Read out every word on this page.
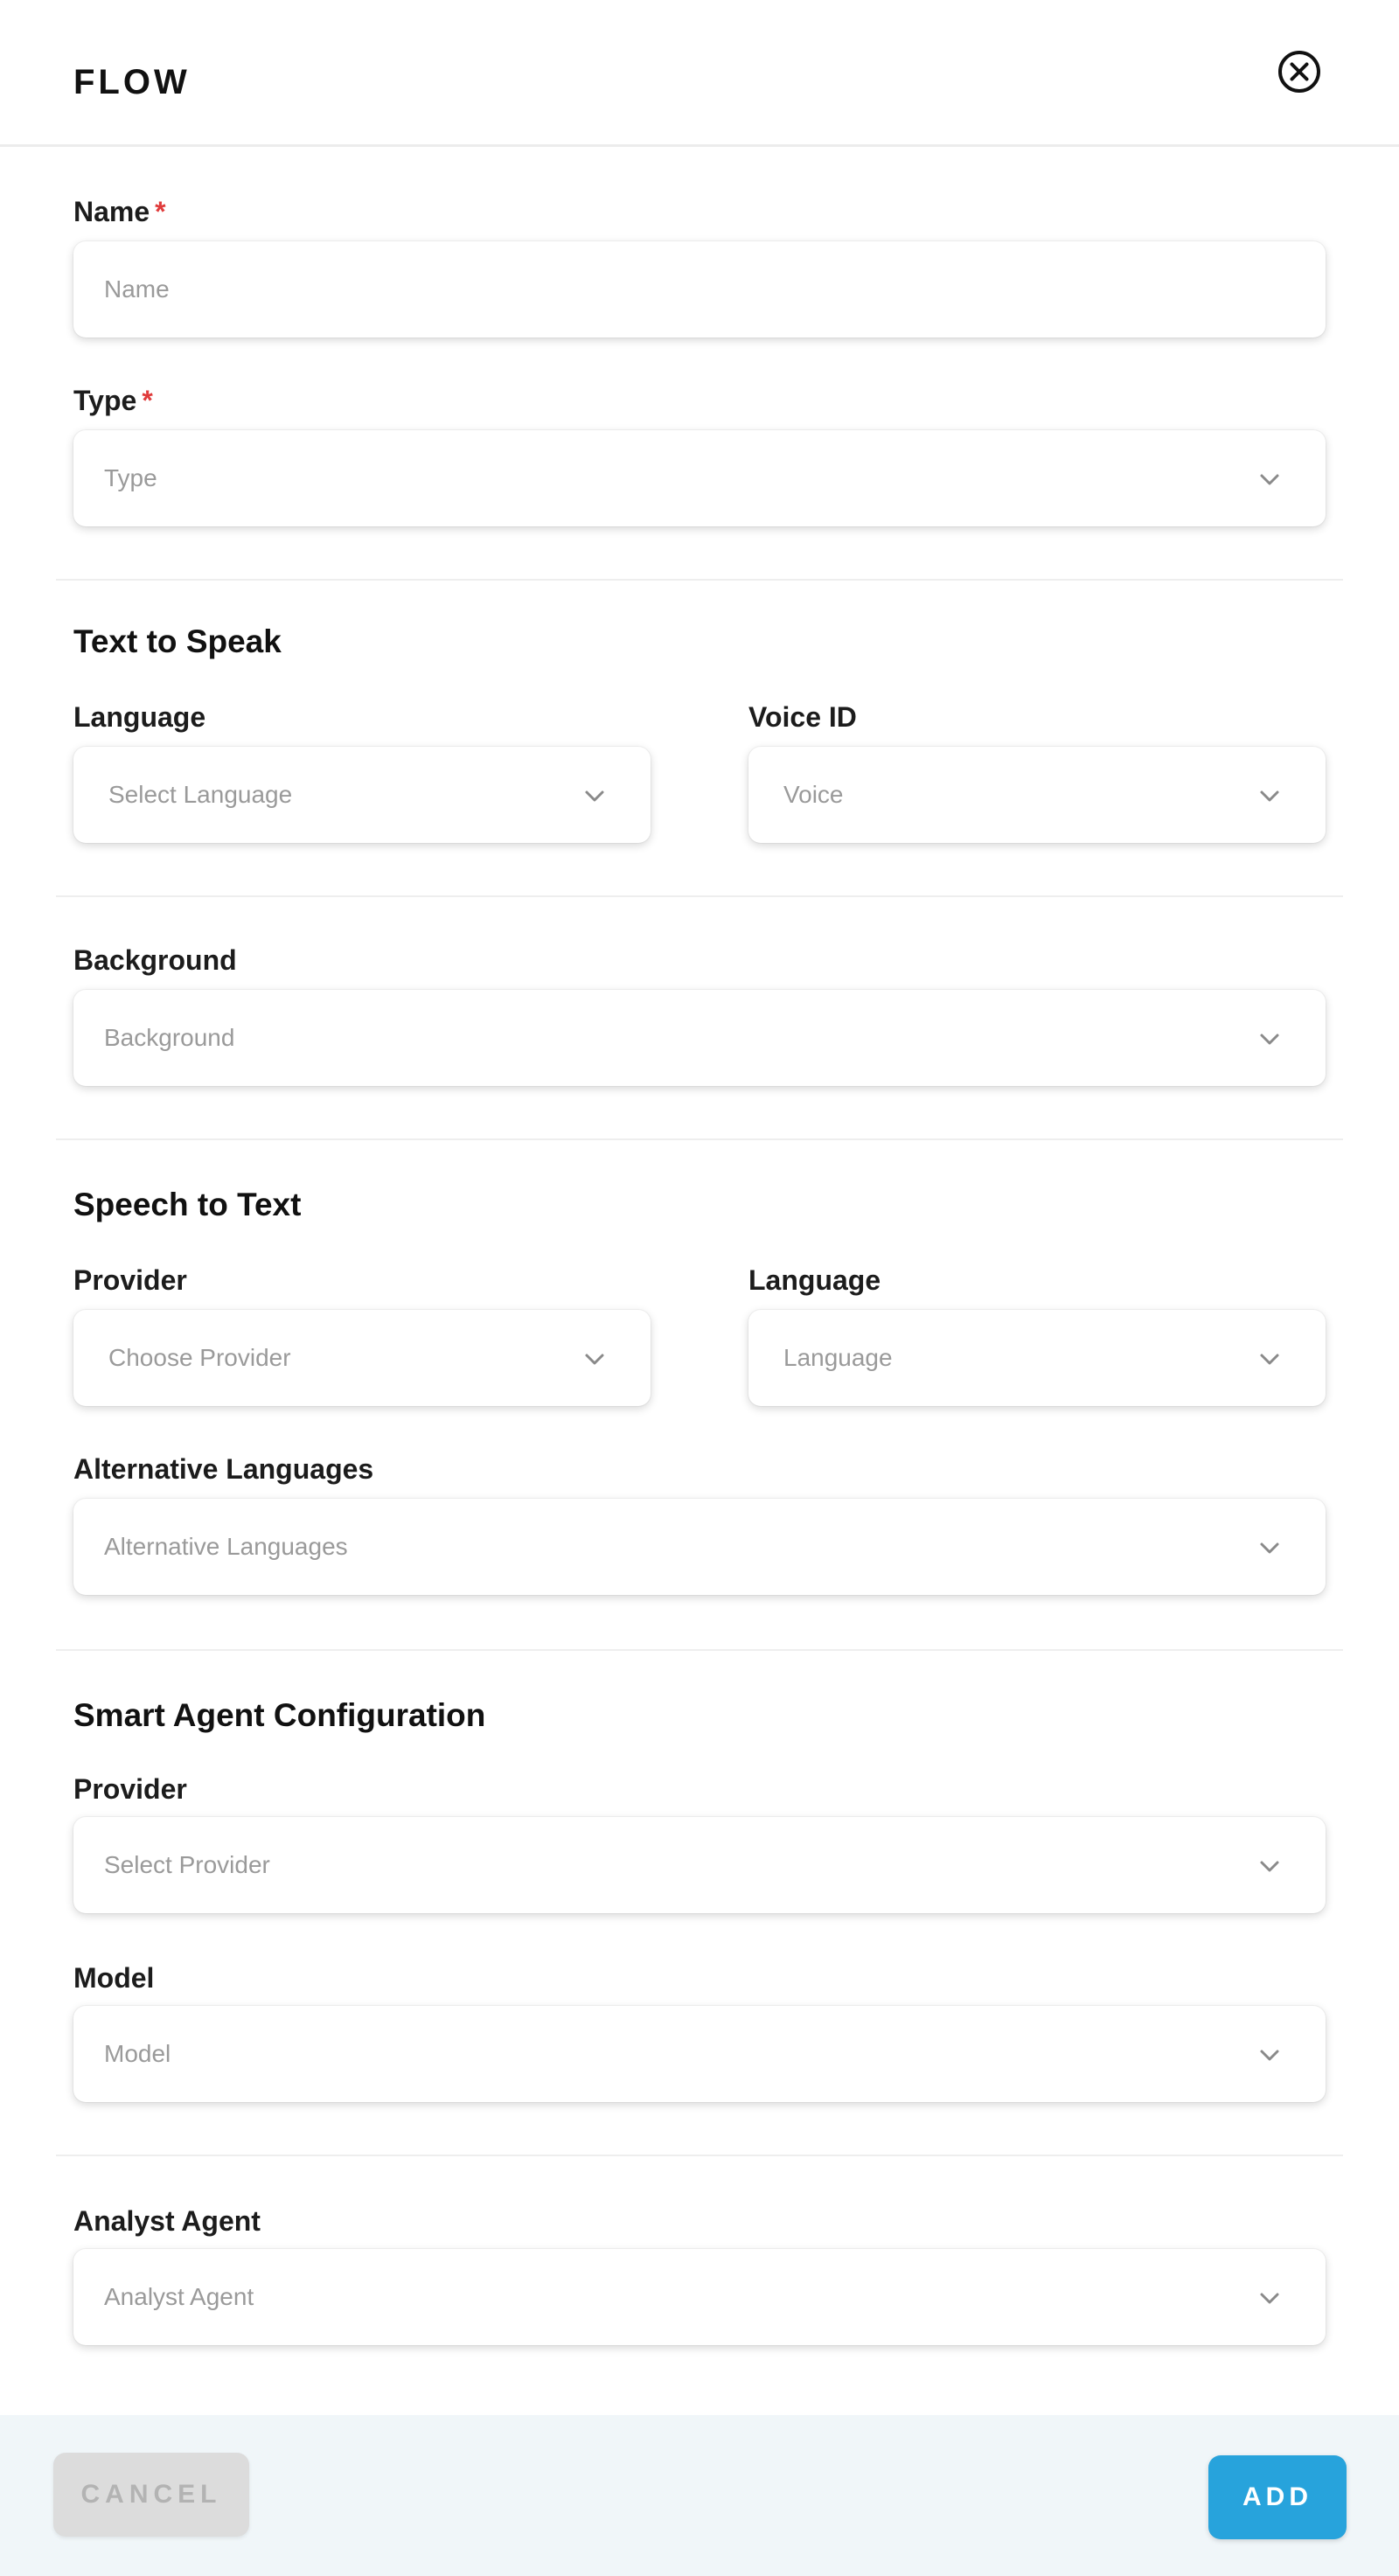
FLOW
Name *
Name
Type *
Type
Text to Speak
Language
Select Language
Voice ID
Voice
Background
Background
Speech to Text
Provider
Choose Provider
Language
Language
Alternative Languages
Alternative Languages
Smart Agent Configuration
Provider
Select Provider
Model
Model
Analyst Agent
Analyst Agent
CANCEL	ADD
